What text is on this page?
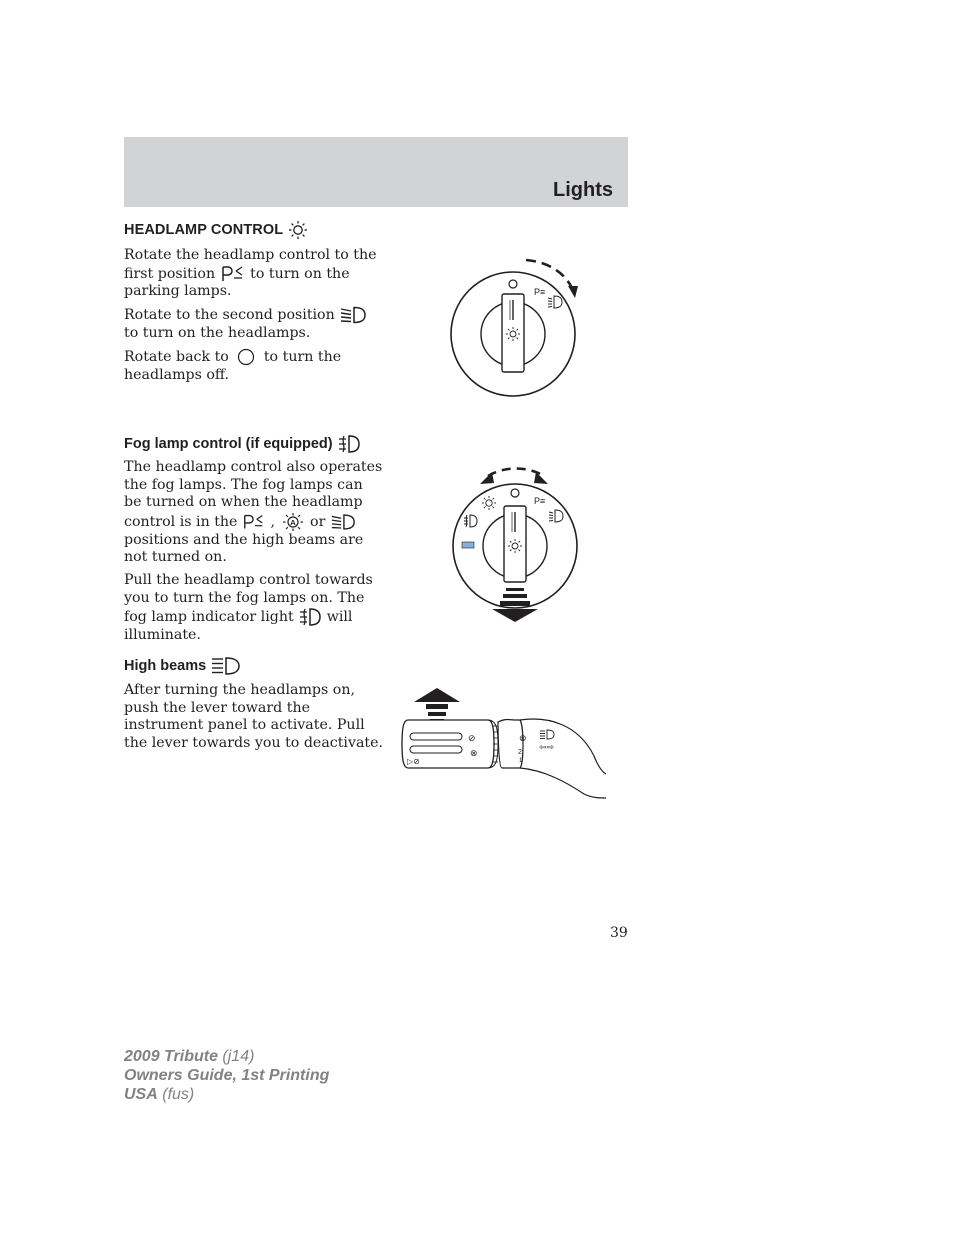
Lights
HEADLAMP CONTROL

Rotate the headlamp control to the first position to turn on the parking lamps.

Rotate to the second position  to turn on the headlamps.

Rotate back to to turn the headlamps off.

P≡
Fog lamp control (if equipped)

The headlamp control also operates the fog lamps. The fog lamps can be turned on when the headlamp control is in the , A or  positions and the high beams are not turned on.

Pull the headlamp control towards you to turn the fog lamps on. The fog lamp indicator light will illuminate.

P≡
High beams

After turning the headlamps on, push the lever toward the instrument panel to activate. Pull the lever towards you to deactivate.	⊘
⊗
▷⊘
⊗
2
1
⇦⇨
39
2009 Tribute (j14)
Owners Guide, 1st Printing
USA (fus)
